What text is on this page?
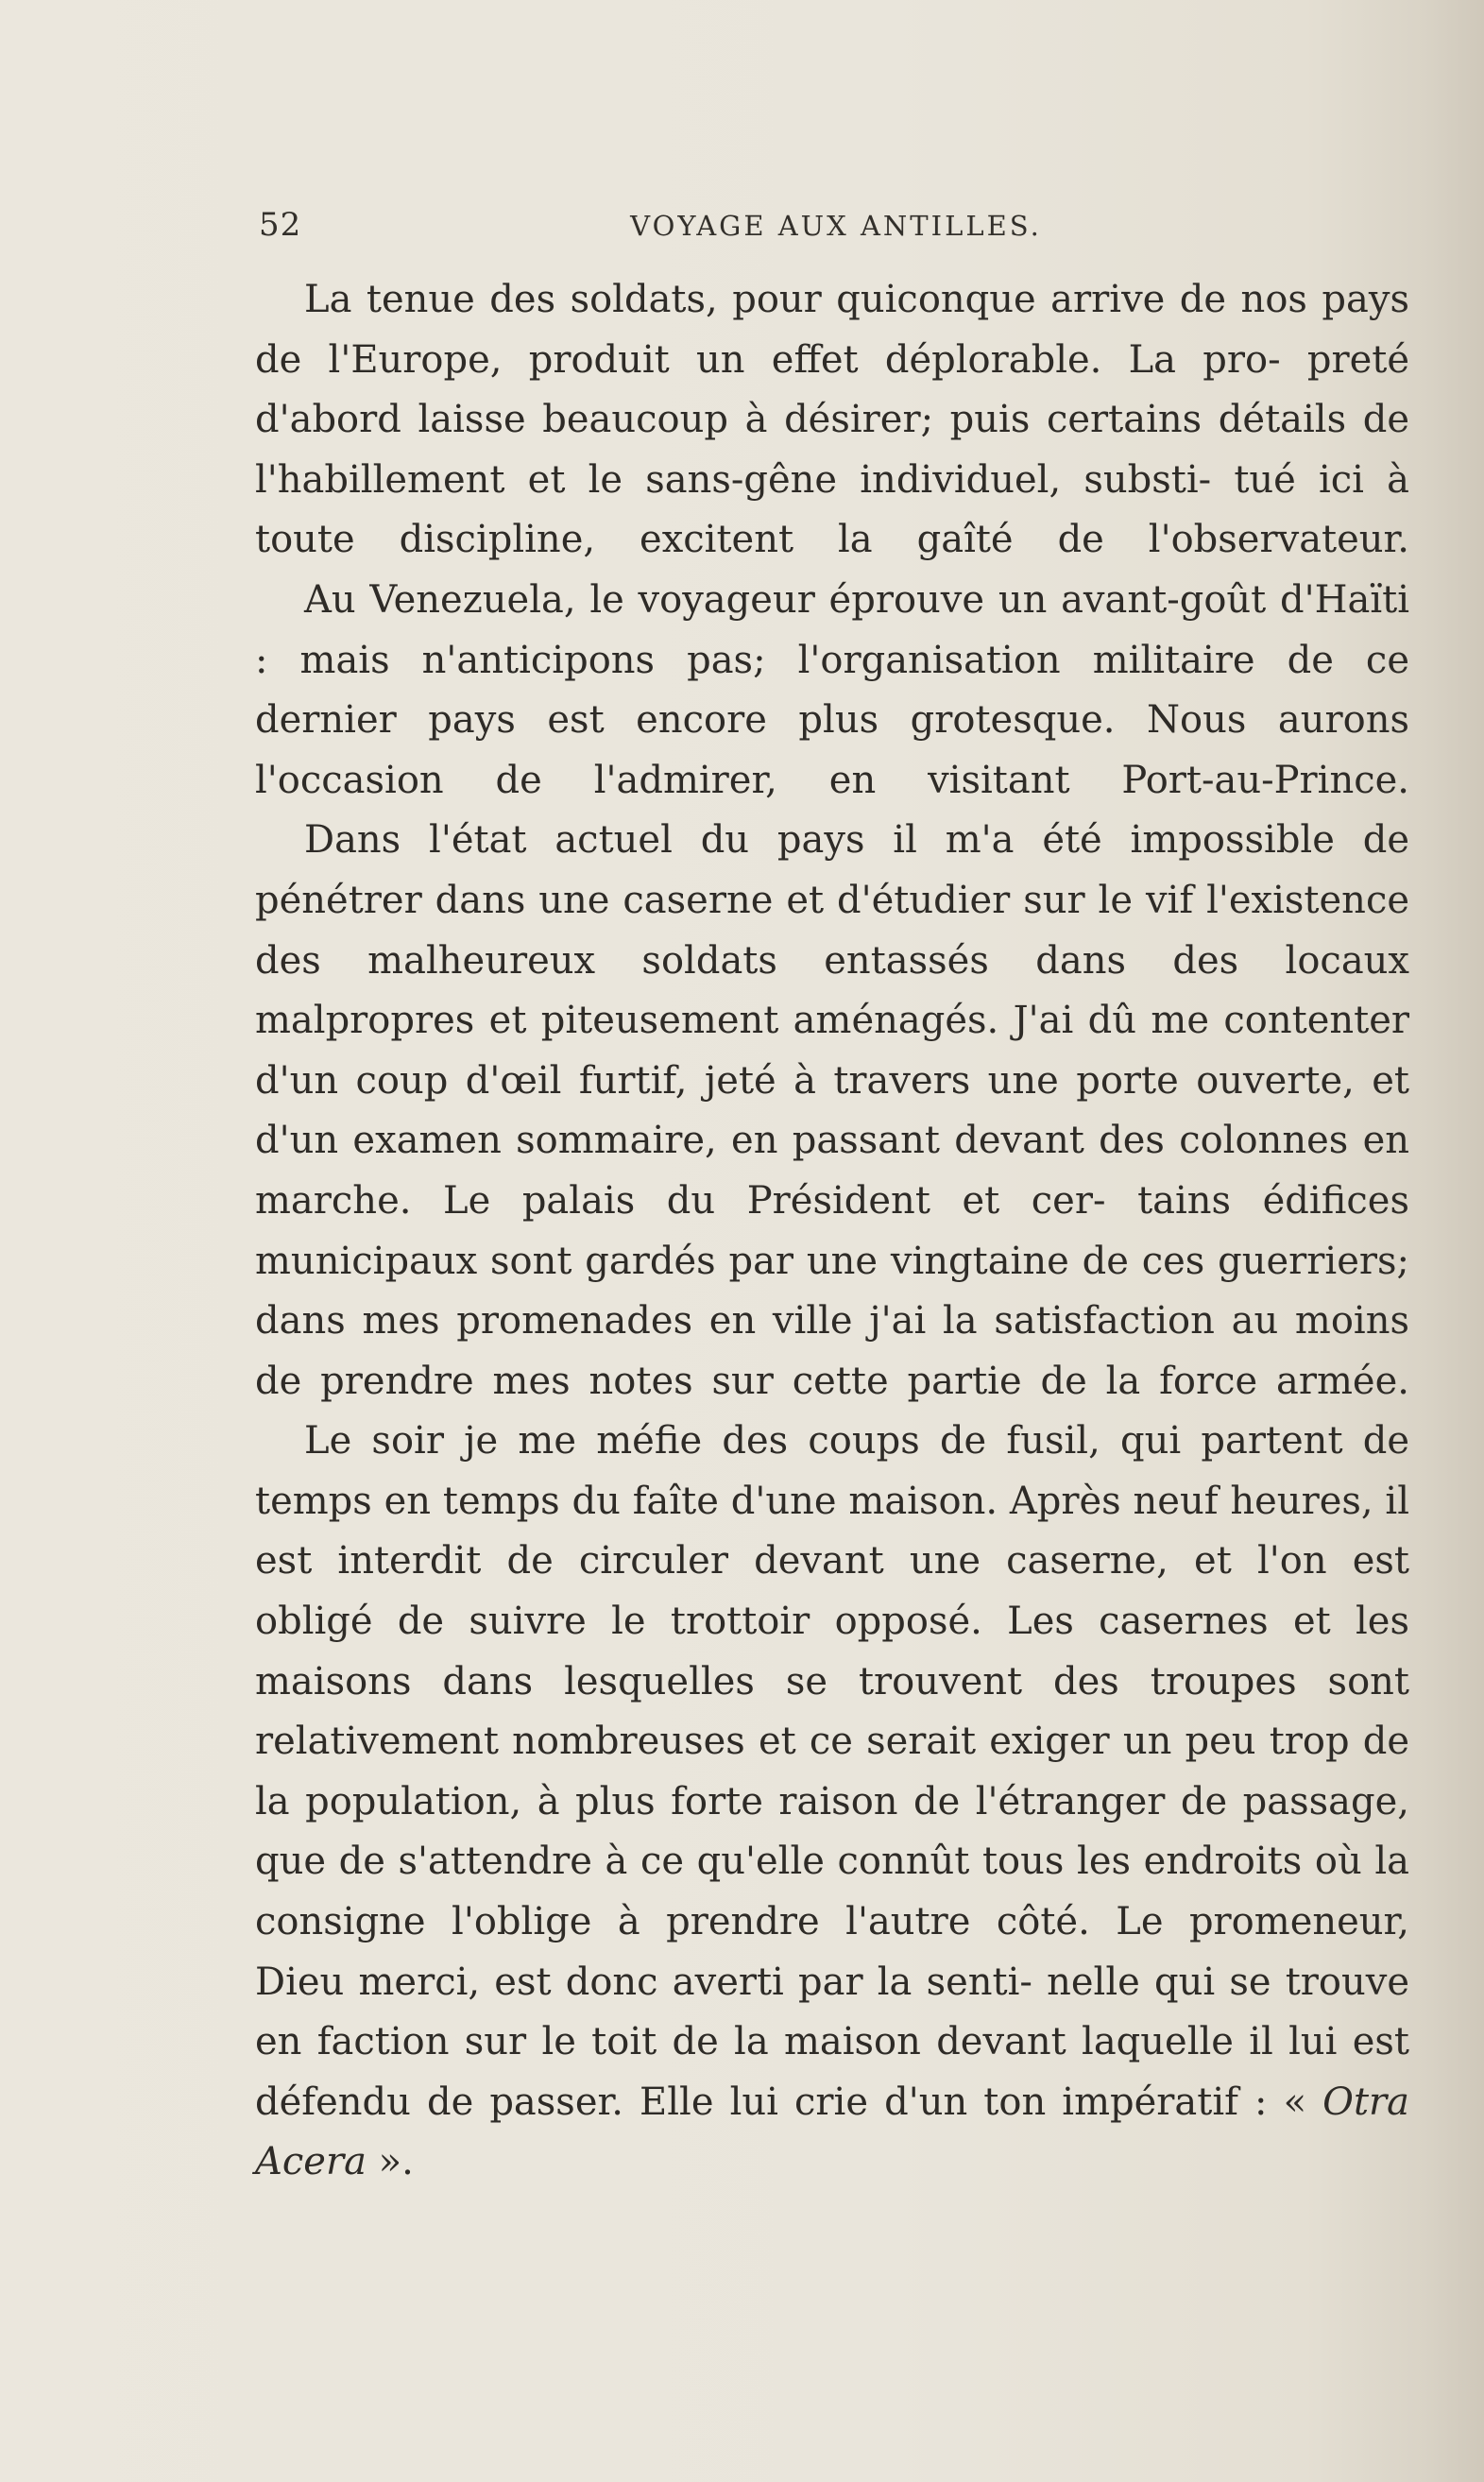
52	VOYAGE AUX ANTILLES.

La tenue des soldats, pour quiconque arrive de nos pays de l'Europe, produit un effet déplorable. La pro- preté d'abord laisse beaucoup à désirer; puis certains détails de l'habillement et le sans-gêne individuel, substi- tué ici à toute discipline, excitent la gaîté de l'observateur.

Au Venezuela, le voyageur éprouve un avant-goût d'Haïti : mais n'anticipons pas; l'organisation militaire de ce dernier pays est encore plus grotesque. Nous aurons l'occasion de l'admirer, en visitant Port-au-Prince.

Dans l'état actuel du pays il m'a été impossible de pénétrer dans une caserne et d'étudier sur le vif l'existence des malheureux soldats entassés dans des locaux malpropres et piteusement aménagés. J'ai dû me contenter d'un coup d'œil furtif, jeté à travers une porte ouverte, et d'un examen sommaire, en passant devant des colonnes en marche. Le palais du Président et cer- tains édifices municipaux sont gardés par une vingtaine de ces guerriers; dans mes promenades en ville j'ai la satisfaction au moins de prendre mes notes sur cette partie de la force armée.

Le soir je me méfie des coups de fusil, qui partent de temps en temps du faîte d'une maison. Après neuf heures, il est interdit de circuler devant une caserne, et l'on est obligé de suivre le trottoir opposé. Les casernes et les maisons dans lesquelles se trouvent des troupes sont relativement nombreuses et ce serait exiger un peu trop de la population, à plus forte raison de l'étranger de passage, que de s'attendre à ce qu'elle connût tous les endroits où la consigne l'oblige à prendre l'autre côté. Le promeneur, Dieu merci, est donc averti par la senti- nelle qui se trouve en faction sur le toit de la maison devant laquelle il lui est défendu de passer. Elle lui crie d'un ton impératif : « Otra Acera ».
